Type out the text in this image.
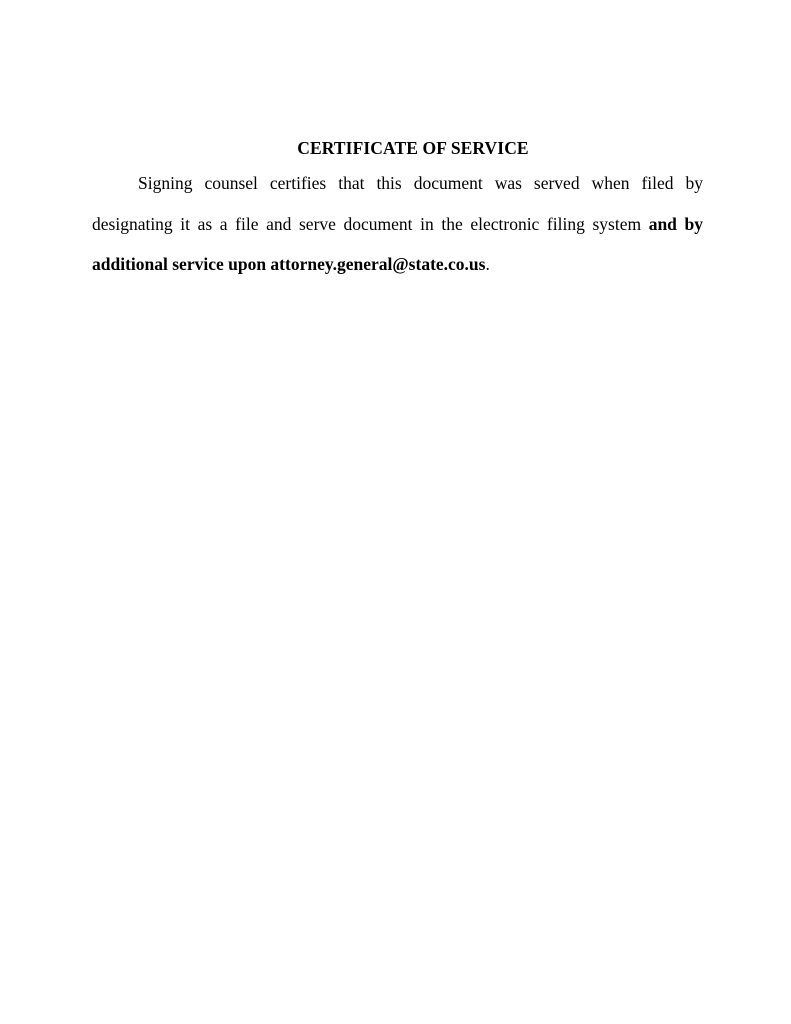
CERTIFICATE OF SERVICE

Signing counsel certifies that this document was served when filed by designating it as a file and serve document in the electronic filing system and by additional service upon attorney.general@state.co.us.
